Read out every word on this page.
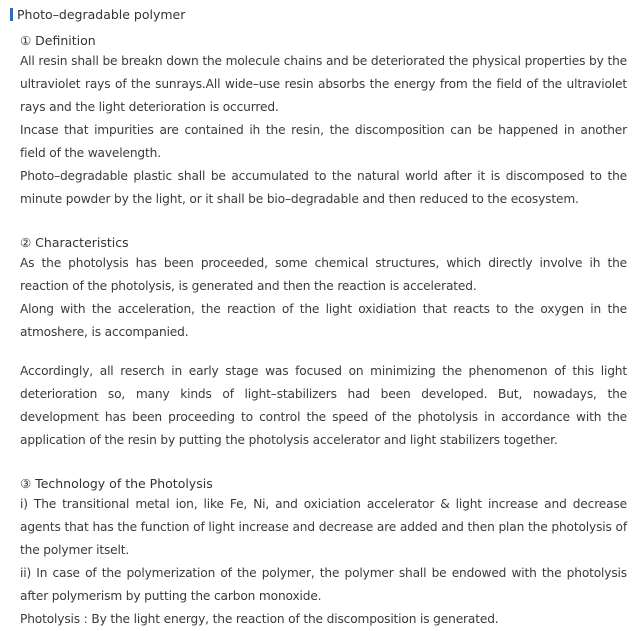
Photo–degradable polymer
① Definition

All resin shall be breakn down the molecule chains and be deteriorated the physical properties by the ultraviolet rays of the sunrays.All wide–use resin absorbs the energy from the field of the ultraviolet rays and the light deterioration is occurred.

Incase that impurities are contained ih the resin, the discomposition can be happened in another field of the wavelength.

Photo–degradable plastic shall be accumulated to the natural world after it is discomposed to the minute powder by the light, or it shall be bio–degradable and then reduced to the ecosystem.

② Characteristics

As the photolysis has been proceeded, some chemical structures, which directly involve ih the reaction of the photolysis, is generated and then the reaction is accelerated.

Along with the acceleration, the reaction of the light oxidiation that reacts to the oxygen in the atmoshere, is accompanied.

Accordingly, all reserch in early stage was focused on minimizing the phenomenon of this light deterioration so, many kinds of light–stabilizers had been developed. But, nowadays, the development has been proceeding to control the speed of the photolysis in accordance with the application of the resin by putting the photolysis accelerator and light stabilizers together.

③ Technology of the Photolysis

i) The transitional metal ion, like Fe, Ni, and oxiciation accelerator & light increase and decrease agents that has the function of light increase and decrease are added and then plan the photolysis of the polymer itselt.

ii) In case of the polymerization of the polymer, the polymer shall be endowed with the photolysis after polymerism by putting the carbon monoxide.

Photolysis : By the light energy, the reaction of the discomposition is generated.
